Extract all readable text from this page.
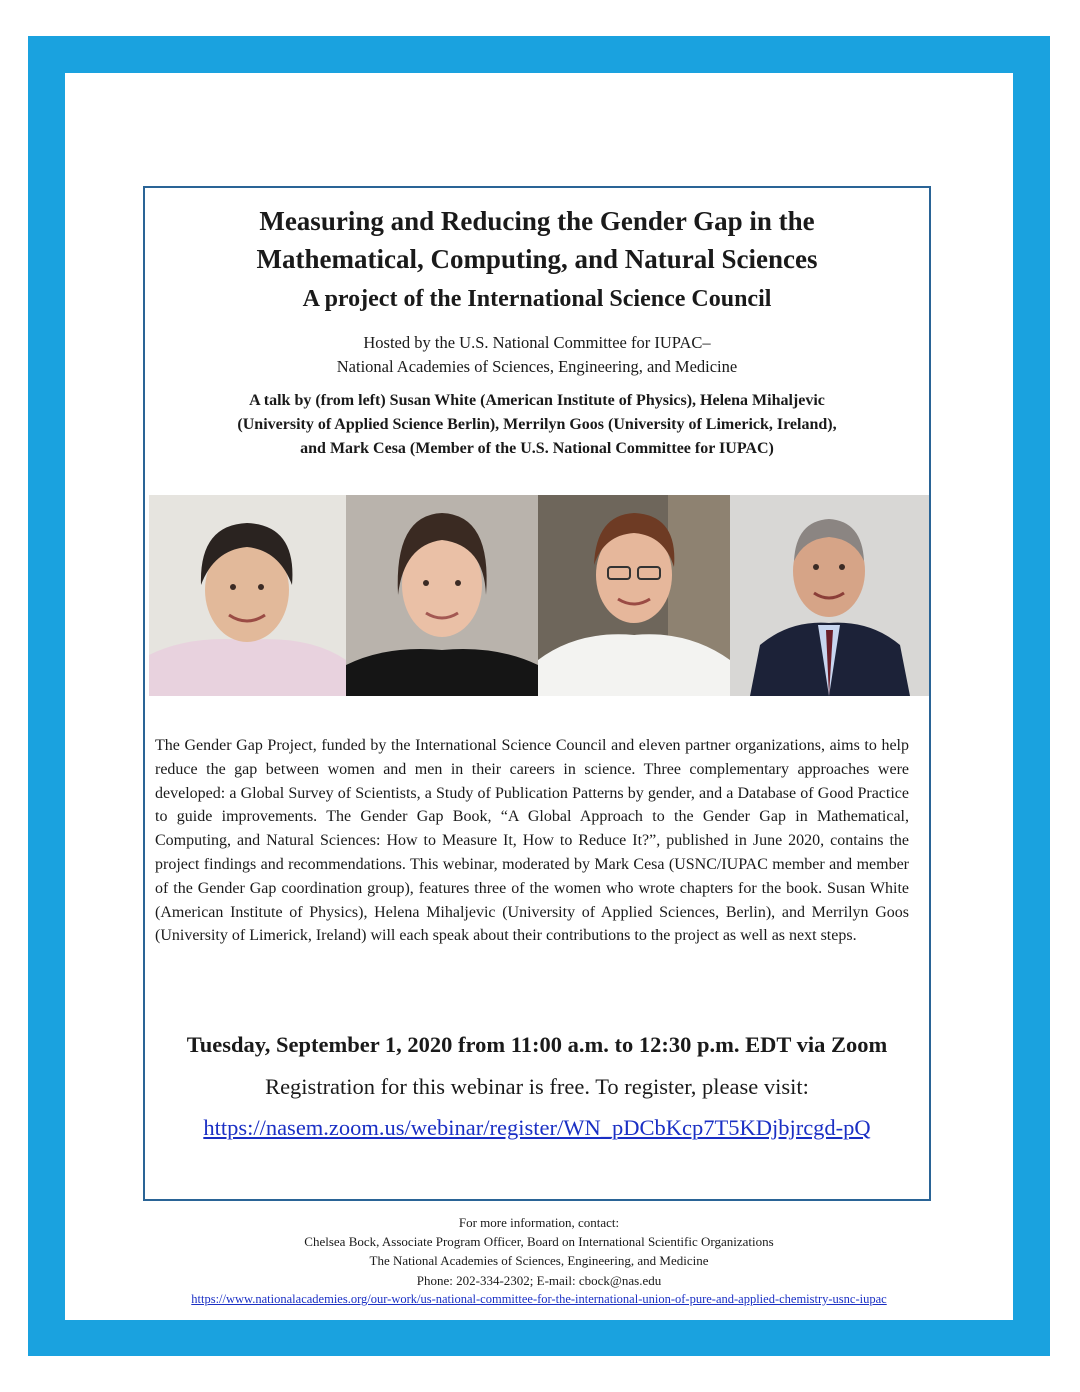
Measuring and Reducing the Gender Gap in the
Mathematical, Computing, and Natural Sciences
A project of the International Science Council
Hosted by the U.S. National Committee for IUPAC–
National Academies of Sciences, Engineering, and Medicine
A talk by (from left) Susan White (American Institute of Physics), Helena Mihaljevic
(University of Applied Science Berlin), Merrilyn Goos (University of Limerick, Ireland),
and Mark Cesa (Member of the U.S. National Committee for IUPAC)

The Gender Gap Project, funded by the International Science Council and eleven partner organizations, aims to help reduce the gap between women and men in their careers in science. Three complementary approaches were developed: a Global Survey of Scientists, a Study of Publication Patterns by gender, and a Database of Good Practice to guide improvements. The Gender Gap Book, “A Global Approach to the Gender Gap in Mathematical, Computing, and Natural Sciences: How to Measure It, How to Reduce It?”, published in June 2020, contains the project findings and recommendations. This webinar, moderated by Mark Cesa (USNC/IUPAC member and member of the Gender Gap coordination group), features three of the women who wrote chapters for the book. Susan White (American Institute of Physics), Helena Mihaljevic (University of Applied Sciences, Berlin), and Merrilyn Goos (University of Limerick, Ireland) will each speak about their contributions to the project as well as next steps.

Tuesday, September 1, 2020 from 11:00 a.m. to 12:30 p.m. EDT via Zoom
Registration for this webinar is free. To register, please visit:
https://nasem.zoom.us/webinar/register/WN_pDCbKcp7T5KDjbjrcgd-pQ
For more information, contact:
Chelsea Bock, Associate Program Officer, Board on International Scientific Organizations
The National Academies of Sciences, Engineering, and Medicine
Phone: 202-334-2302; E-mail: cbock@nas.edu
https://www.nationalacademies.org/our-work/us-national-committee-for-the-international-union-of-pure-and-applied-chemistry-usnc-iupac
